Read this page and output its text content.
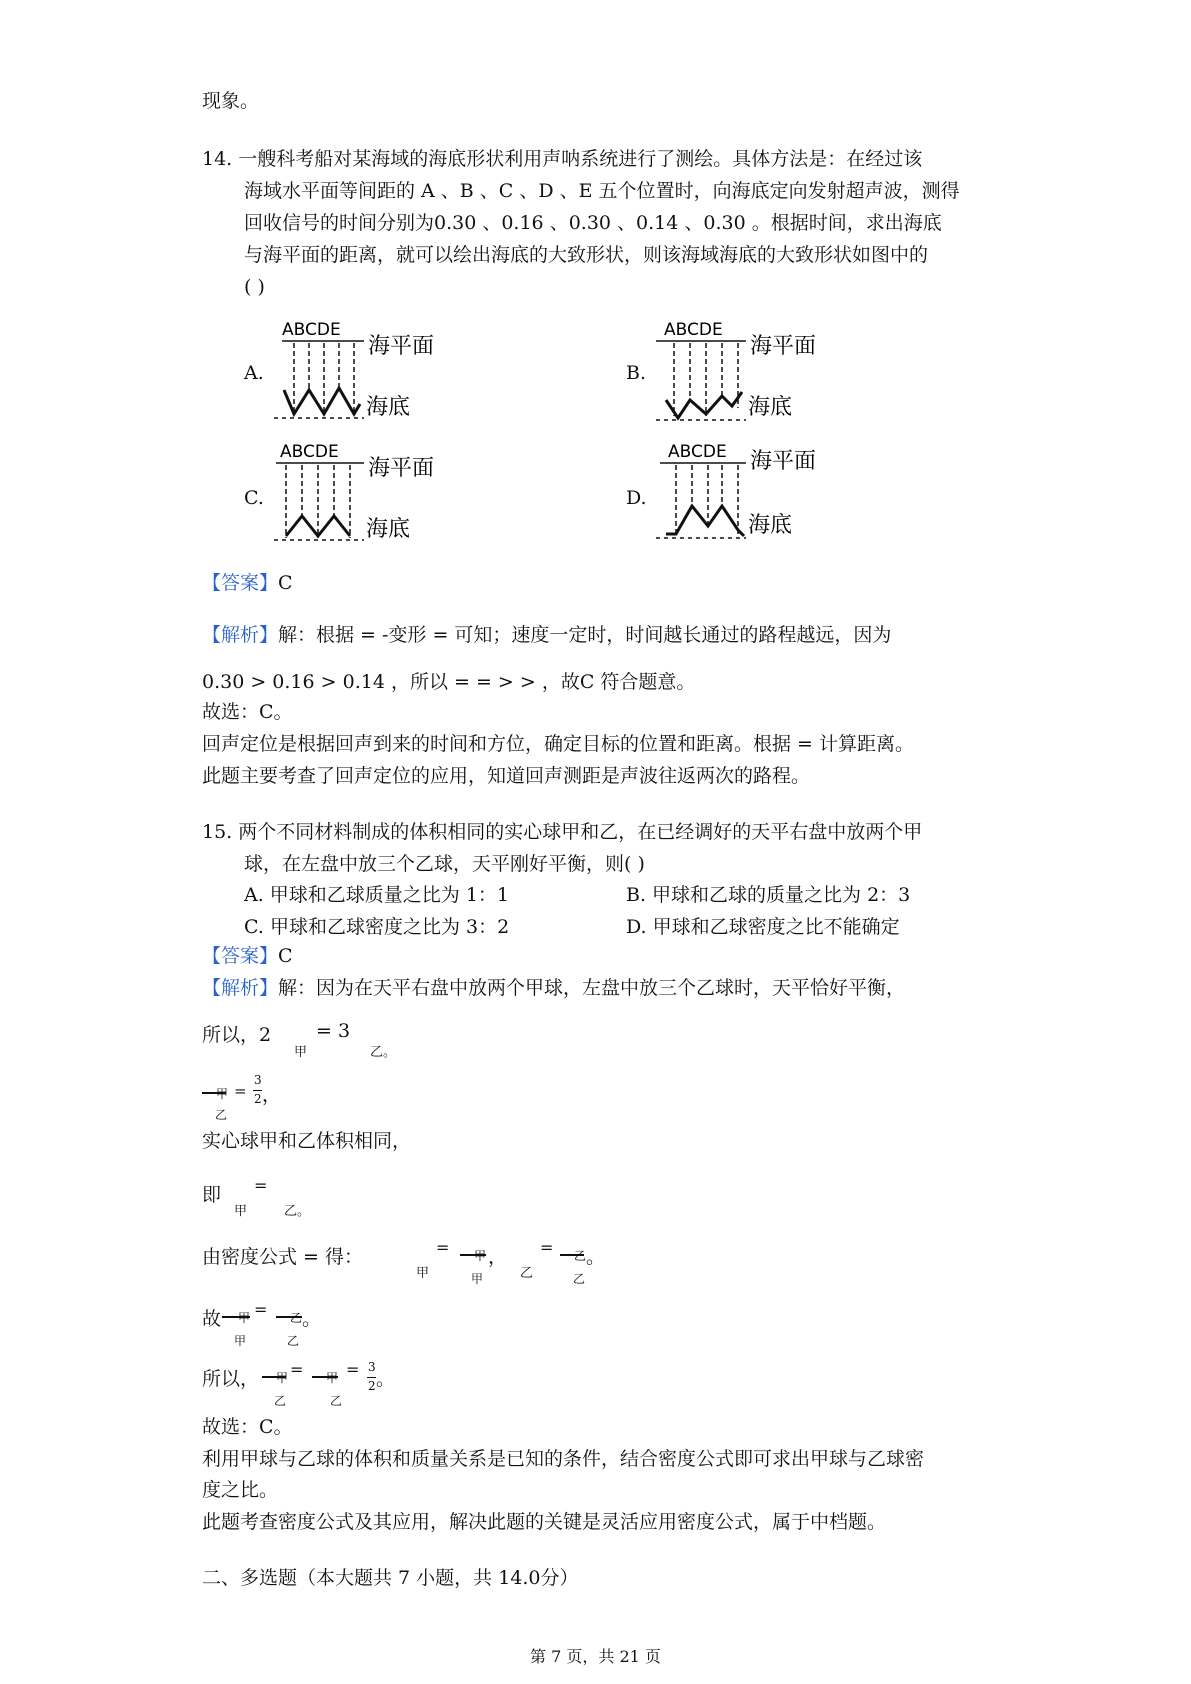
现象。
14. 一艘科考船对某海域的海底形状利用声呐系统进行了测绘。具体方法是：在经过该
海域水平面等间距的 A 、B 、C 、D 、E 五个位置时，向海底定向发射超声波，测得
回收信号的时间分别为0.30 、0.16 、0.30 、0.14 、0.30 。根据时间，求出海底
与海平面的距离，就可以绘出海底的大致形状，则该海域海底的大致形状如图中的
( )
A.	B.
C.	D.
ABCDE
海平面
海底
ABCDE
海平面
海底
ABCDE
海平面
海底
ABCDE 海平面
海底
【答案】C
【解析】解：根据 = -变形 = 可知；速度一定时，时间越长通过的路程越远，因为
0.30 > 0.16 > 0.14 ，所以 = = > > ，故C 符合题意。
故选：C。
回声定位是根据回声到来的时间和方位，确定目标的位置和距离。根据 = 计算距离。
此题主要考查了回声定位的应用，知道回声测距是声波往返两次的路程。
15. 两个不同材料制成的体积相同的实心球甲和乙，在已经调好的天平右盘中放两个甲
球，在左盘中放三个乙球，天平刚好平衡，则( )
A. 甲球和乙球质量之比为 1：1	B. 甲球和乙球的质量之比为 2：3
C. 甲球和乙球密度之比为 3：2	D. 甲球和乙球密度之比不能确定
【答案】C
【解析】解：因为在天平右盘中放两个甲球，左盘中放三个乙球时，天平恰好平衡，
所以，2
甲
= 3
乙。
甲
乙
=
3
2 ，
实心球甲和乙体积相同，
即
甲
=
乙。
由密度公式 = 得：
甲
= 甲
甲
，
乙
= 乙
乙
。
故 甲
甲
= 乙
乙
。
所以， 甲
乙
= 甲
乙
= 3
2 。
故选：C。
利用甲球与乙球的体积和质量关系是已知的条件，结合密度公式即可求出甲球与乙球密
度之比。
此题考查密度公式及其应用，解决此题的关键是灵活应用密度公式，属于中档题。
二、多选题（本大题共 7 小题，共 14.0分）
第 7 页，共 21 页
